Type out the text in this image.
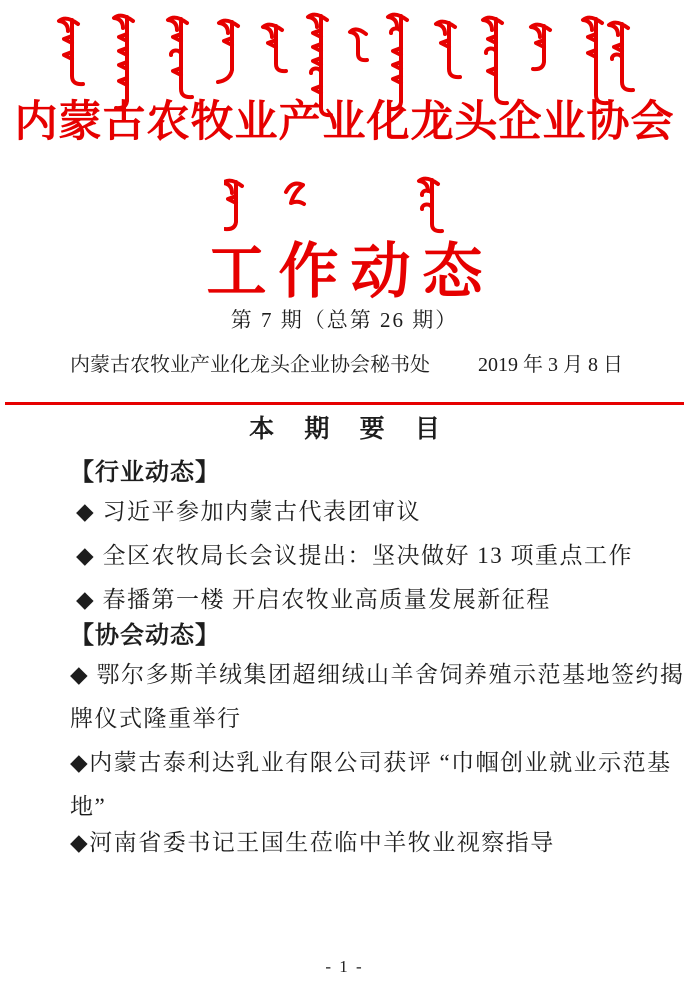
内蒙古农牧业产业化龙头企业协会
工作动态
第 7 期（总第 26 期）
内蒙古农牧业产业化龙头企业协会秘书处 2019 年 3 月 8 日
本 期 要 目
【行业动态】
◆ 习近平参加内蒙古代表团审议
◆ 全区农牧局长会议提出：坚决做好 13 项重点工作
◆ 春播第一楼 开启农牧业高质量发展新征程
【协会动态】
◆ 鄂尔多斯羊绒集团超细绒山羊舍饲养殖示范基地签约揭
牌仪式隆重举行
◆内蒙古泰利达乳业有限公司获评 “巾帼创业就业示范基
地”
◆河南省委书记王国生莅临中羊牧业视察指导
- 1 -
